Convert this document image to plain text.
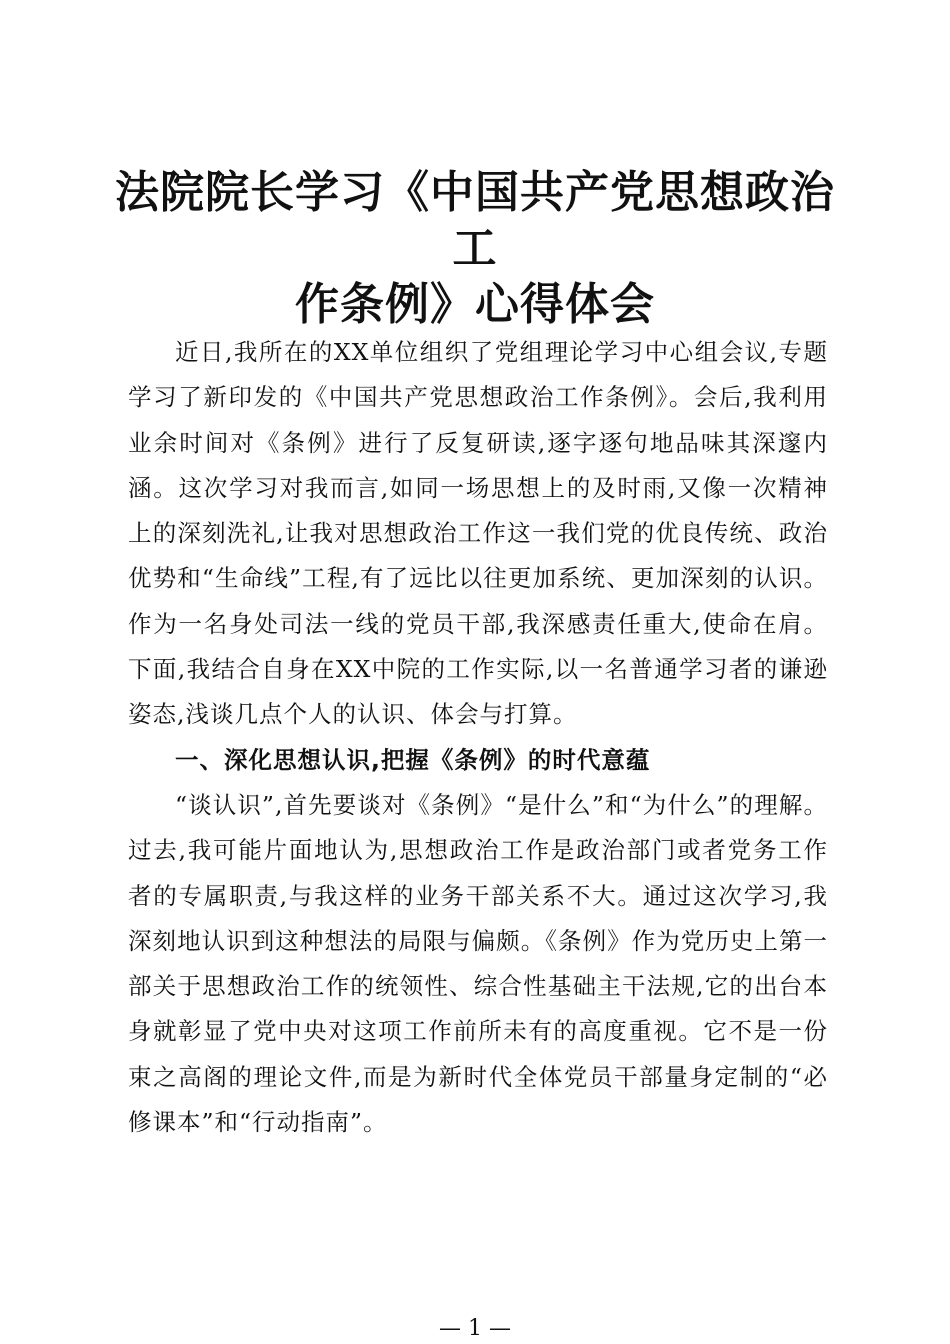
法院院长学习《中国共产党思想政治工
作条例》心得体会

近日,我所在的XX单位组织了党组理论学习中心组会议,专题学习了新印发的《中国共产党思想政治工作条例》。会后,我利用业余时间对《条例》进行了反复研读,逐字逐句地品味其深邃内涵。这次学习对我而言,如同一场思想上的及时雨,又像一次精神上的深刻洗礼,让我对思想政治工作这一我们党的优良传统、政治优势和“生命线”工程,有了远比以往更加系统、更加深刻的认识。作为一名身处司法一线的党员干部,我深感责任重大,使命在肩。下面,我结合自身在XX中院的工作实际,以一名普通学习者的谦逊姿态,浅谈几点个人的认识、体会与打算。

一、深化思想认识,把握《条例》的时代意蕴

“谈认识”,首先要谈对《条例》“是什么”和“为什么”的理解。过去,我可能片面地认为,思想政治工作是政治部门或者党务工作者的专属职责,与我这样的业务干部关系不大。通过这次学习,我深刻地认识到这种想法的局限与偏颇。《条例》作为党历史上第一部关于思想政治工作的统领性、综合性基础主干法规,它的出台本身就彰显了党中央对这项工作前所未有的高度重视。它不是一份束之高阁的理论文件,而是为新时代全体党员干部量身定制的“必修课本”和“行动指南”。

— 1 —
